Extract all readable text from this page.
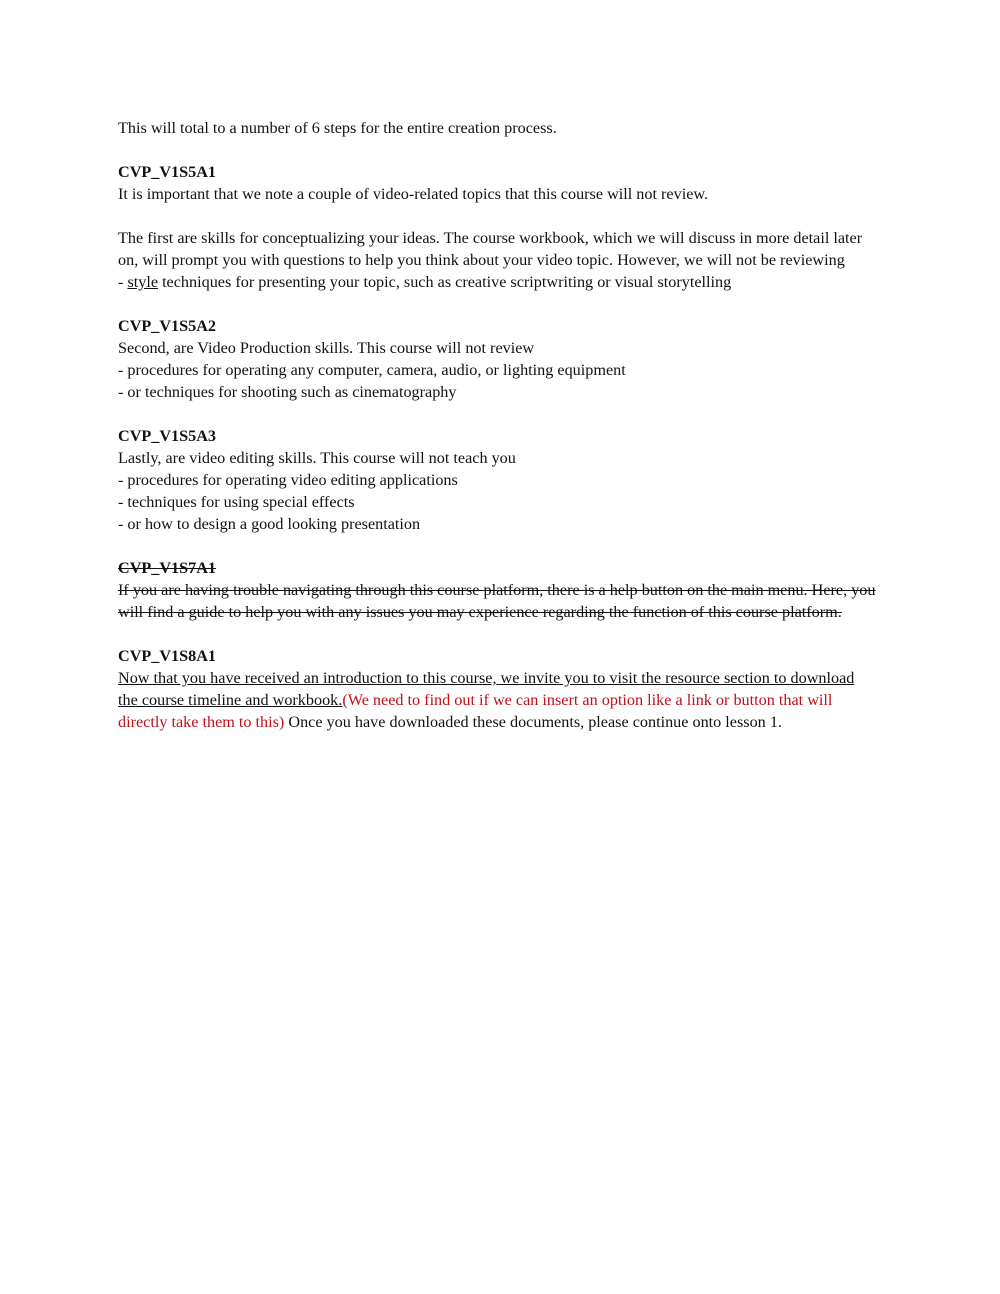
This will total to a number of 6 steps for the entire creation process.

CVP_V1S5A1
It is important that we note a couple of video-related topics that this course will not review.
The first are skills for conceptualizing your ideas. The course workbook, which we will discuss in more detail later
on, will prompt you with questions to help you think about your video topic. However, we will not be reviewing
- style techniques for presenting your topic, such as creative scriptwriting or visual storytelling
CVP_V1S5A2
Second, are Video Production skills. This course will not review
- procedures for operating any computer, camera, audio, or lighting equipment
- or techniques for shooting such as cinematography
CVP_V1S5A3
Lastly, are video editing skills. This course will not teach you
- procedures for operating video editing applications
- techniques for using special effects
- or how to design a good looking presentation
CVP_V1S7A1
If you are having trouble navigating through this course platform, there is a help button on the main menu. Here, you
will find a guide to help you with any issues you may experience regarding the function of this course platform.
CVP_V1S8A1
Now that you have received an introduction to this course, we invite you to visit the resource section to download
the course timeline and workbook.(We need to find out if we can insert an option like a link or button that will
directly take them to this) Once you have downloaded these documents, please continue onto lesson 1.
